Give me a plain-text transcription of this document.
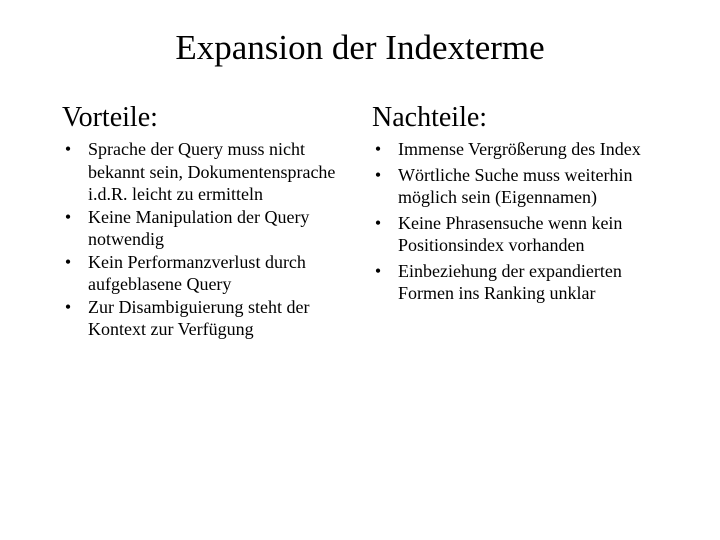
Expansion der Indexterme
Vorteile:
• Sprache der Query muss nicht bekannt sein, Dokumentensprache i.d.R. leicht zu ermitteln
• Keine Manipulation der Query notwendig
• Kein Performanzverlust durch aufgeblasene Query
• Zur Disambiguierung steht der Kontext zur Verfügung
Nachteile:
• Immense Vergrößerung des Index
• Wörtliche Suche muss weiterhin möglich sein (Eigennamen)
• Keine Phrasensuche wenn kein Positionsindex vorhanden
• Einbeziehung der expandierten Formen ins Ranking unklar
